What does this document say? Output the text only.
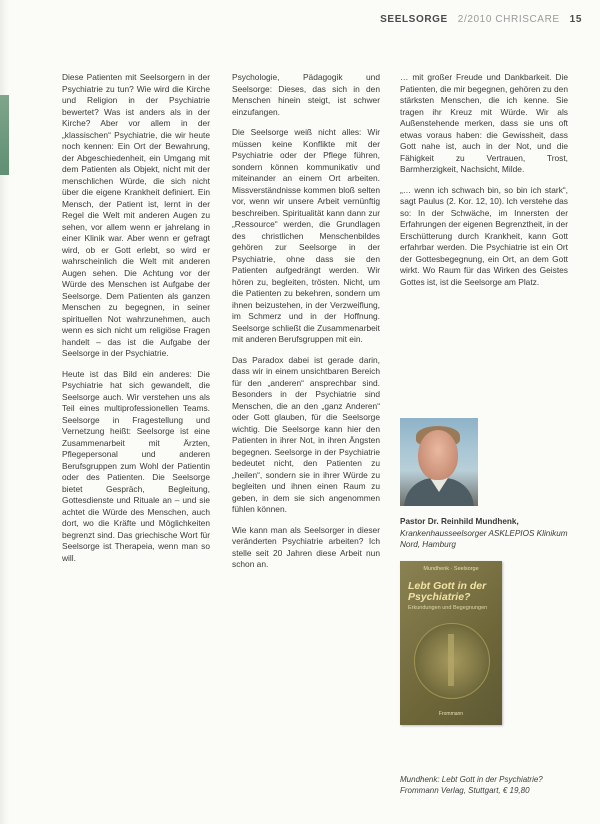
SEELSORGE 2/2010 CHRISCARE 15

Diese Patienten mit Seelsorgern in der Psychiatrie zu tun? Wie wird die Kirche und Religion in der Psychiatrie bewertet? Was ist anders als in der Kirche? Aber vor allem in der „klassischen“ Psychiatrie, die wir heute noch kennen: Ein Ort der Bewahrung, der Abgeschiedenheit, ein Umgang mit dem Patienten als Objekt, nicht mit der menschlichen Würde, die sich nicht über die eigene Krankheit definiert. Ein Mensch, der Patient ist, lernt in der Regel die Welt mit anderen Augen zu sehen, vor allem wenn er jahrelang in einer Klinik war. Aber wenn er gefragt wird, ob er Gott erlebt, so wird er wahrscheinlich die Welt mit anderen Augen sehen. Die Achtung vor der Würde des Menschen ist Aufgabe der Seelsorge. Dem Patienten als ganzen Menschen zu begegnen, in seiner spirituellen Not wahrzunehmen, auch wenn es sich nicht um religiöse Fragen handelt – das ist die Aufgabe der Seelsorge in der Psychiatrie.

Heute ist das Bild ein anderes: Die Psychiatrie hat sich gewandelt, die Seelsorge auch. Wir verstehen uns als Teil eines multiprofessionellen Teams. Seelsorge in Fragestellung und Vernetzung heißt: Seelsorge ist eine Zusammenarbeit mit Ärzten, Pflegepersonal und anderen Berufsgruppen zum Wohl der Patientin oder des Patienten. Die Seelsorge bietet Gespräch, Begleitung, Gottesdienste und Rituale an – und sie achtet die Würde des Menschen, auch dort, wo die Kräfte und Möglichkeiten begrenzt sind. Das griechische Wort für Seelsorge ist Therapeia, wenn man so will.

Psychologie, Pädagogik und Seelsorge: Dieses, das sich in den Menschen hinein steigt, ist schwer einzufangen.

Die Seelsorge weiß nicht alles: Wir müssen keine Konflikte mit der Psychiatrie oder der Pflege führen, sondern können kommunikativ und miteinander an einem Ort arbeiten. Missverständnisse kommen bloß selten vor, wenn wir unsere Arbeit vernünftig beschreiben. Spiritualität kann dann zur „Ressource“ werden, die Grundlagen des christlichen Menschenbildes gehören zur Seelsorge in der Psychiatrie, ohne dass sie den Patienten aufgedrängt werden. Wir hören zu, begleiten, trösten. Nicht, um die Patienten zu bekehren, sondern um ihnen beizustehen, in der Verzweiflung, im Schmerz und in der Hoffnung. Seelsorge schließt die Zusammenarbeit mit anderen Berufsgruppen mit ein.

Das Paradox dabei ist gerade darin, dass wir in einem unsichtbaren Bereich für den „anderen“ ansprechbar sind. Besonders in der Psychiatrie sind Menschen, die an den „ganz Anderen“ oder Gott glauben, für die Seelsorge wichtig. Die Seelsorge kann hier den Patienten in ihrer Not, in ihren Ängsten begegnen. Seelsorge in der Psychiatrie bedeutet nicht, den Patienten zu „heilen“, sondern sie in ihrer Würde zu begleiten und ihnen einen Raum zu geben, in dem sie sich angenommen fühlen können.

Wie kann man als Seelsorger in dieser veränderten Psychiatrie arbeiten? Ich stelle seit 20 Jahren diese Arbeit nun schon an.

… mit großer Freude und Dankbarkeit. Die Patienten, die mir begegnen, gehören zu den stärksten Menschen, die ich kenne. Sie tragen ihr Kreuz mit Würde. Wir als Außenstehende merken, dass sie uns oft etwas voraus haben: die Gewissheit, dass Gott nahe ist, auch in der Not, und die Fähigkeit zu Vertrauen, Trost, Barmherzigkeit, Nachsicht, Milde.

„… wenn ich schwach bin, so bin ich stark“, sagt Paulus (2. Kor. 12, 10). Ich verstehe das so: In der Schwäche, im Innersten der Erfahrungen der eigenen Begrenztheit, in der Erschütterung durch Krankheit, kann Gott erfahrbar werden. Die Psychiatrie ist ein Ort der Gottesbegegnung, ein Ort, an dem Gott wirkt. Wo Raum für das Wirken des Geistes Gottes ist, ist die Seelsorge am Platz.

Pastor Dr. Reinhild Mundhenk,
Krankenhausseelsorger ASKLEPIOS Klinikum Nord, Hamburg
Mundhenk · Seelsorge
Lebt Gott in der Psychiatrie?
Erkundungen und Begegnungen
Frommann
Mundhenk: Lebt Gott in der Psychiatrie? Frommann Verlag, Stuttgart, € 19,80
